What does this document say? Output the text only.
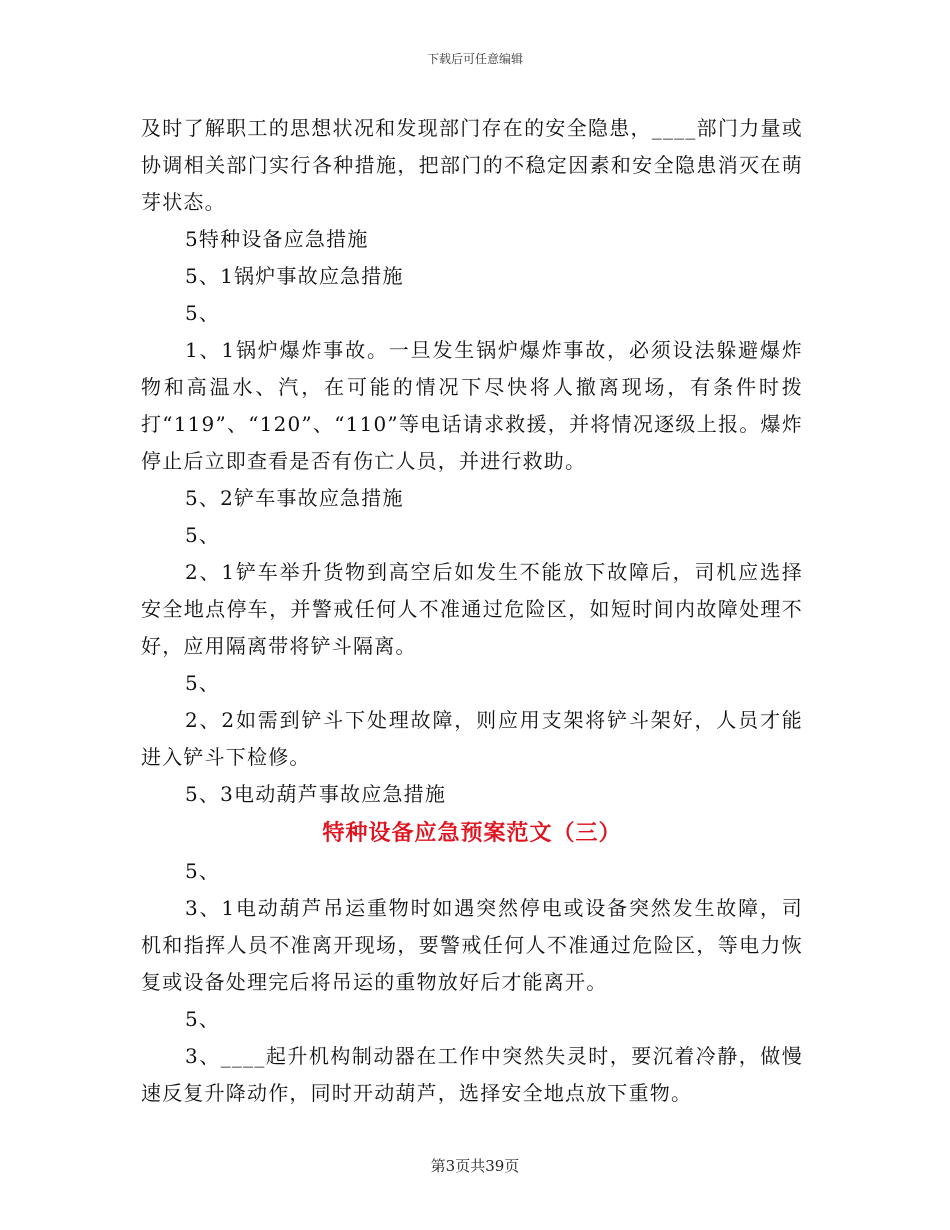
下载后可任意编辑

及时了解职工的思想状况和发现部门存在的安全隐患，____部门力量或协调相关部门实行各种措施，把部门的不稳定因素和安全隐患消灭在萌芽状态。

5特种设备应急措施

5、1锅炉事故应急措施

5、

1、1锅炉爆炸事故。一旦发生锅炉爆炸事故，必须设法躲避爆炸物和高温水、汽，在可能的情况下尽快将人撤离现场，有条件时拨打“119”、“120”、“110”等电话请求救援，并将情况逐级上报。爆炸停止后立即查看是否有伤亡人员，并进行救助。

5、2铲车事故应急措施

5、

2、1铲车举升货物到高空后如发生不能放下故障后，司机应选择安全地点停车，并警戒任何人不准通过危险区，如短时间内故障处理不好，应用隔离带将铲斗隔离。

5、

2、2如需到铲斗下处理故障，则应用支架将铲斗架好，人员才能进入铲斗下检修。

5、3电动葫芦事故应急措施

特种设备应急预案范文（三）

5、

3、1电动葫芦吊运重物时如遇突然停电或设备突然发生故障，司机和指挥人员不准离开现场，要警戒任何人不准通过危险区，等电力恢复或设备处理完后将吊运的重物放好后才能离开。

5、

3、____起升机构制动器在工作中突然失灵时，要沉着冷静，做慢速反复升降动作，同时开动葫芦，选择安全地点放下重物。

第3页共39页
